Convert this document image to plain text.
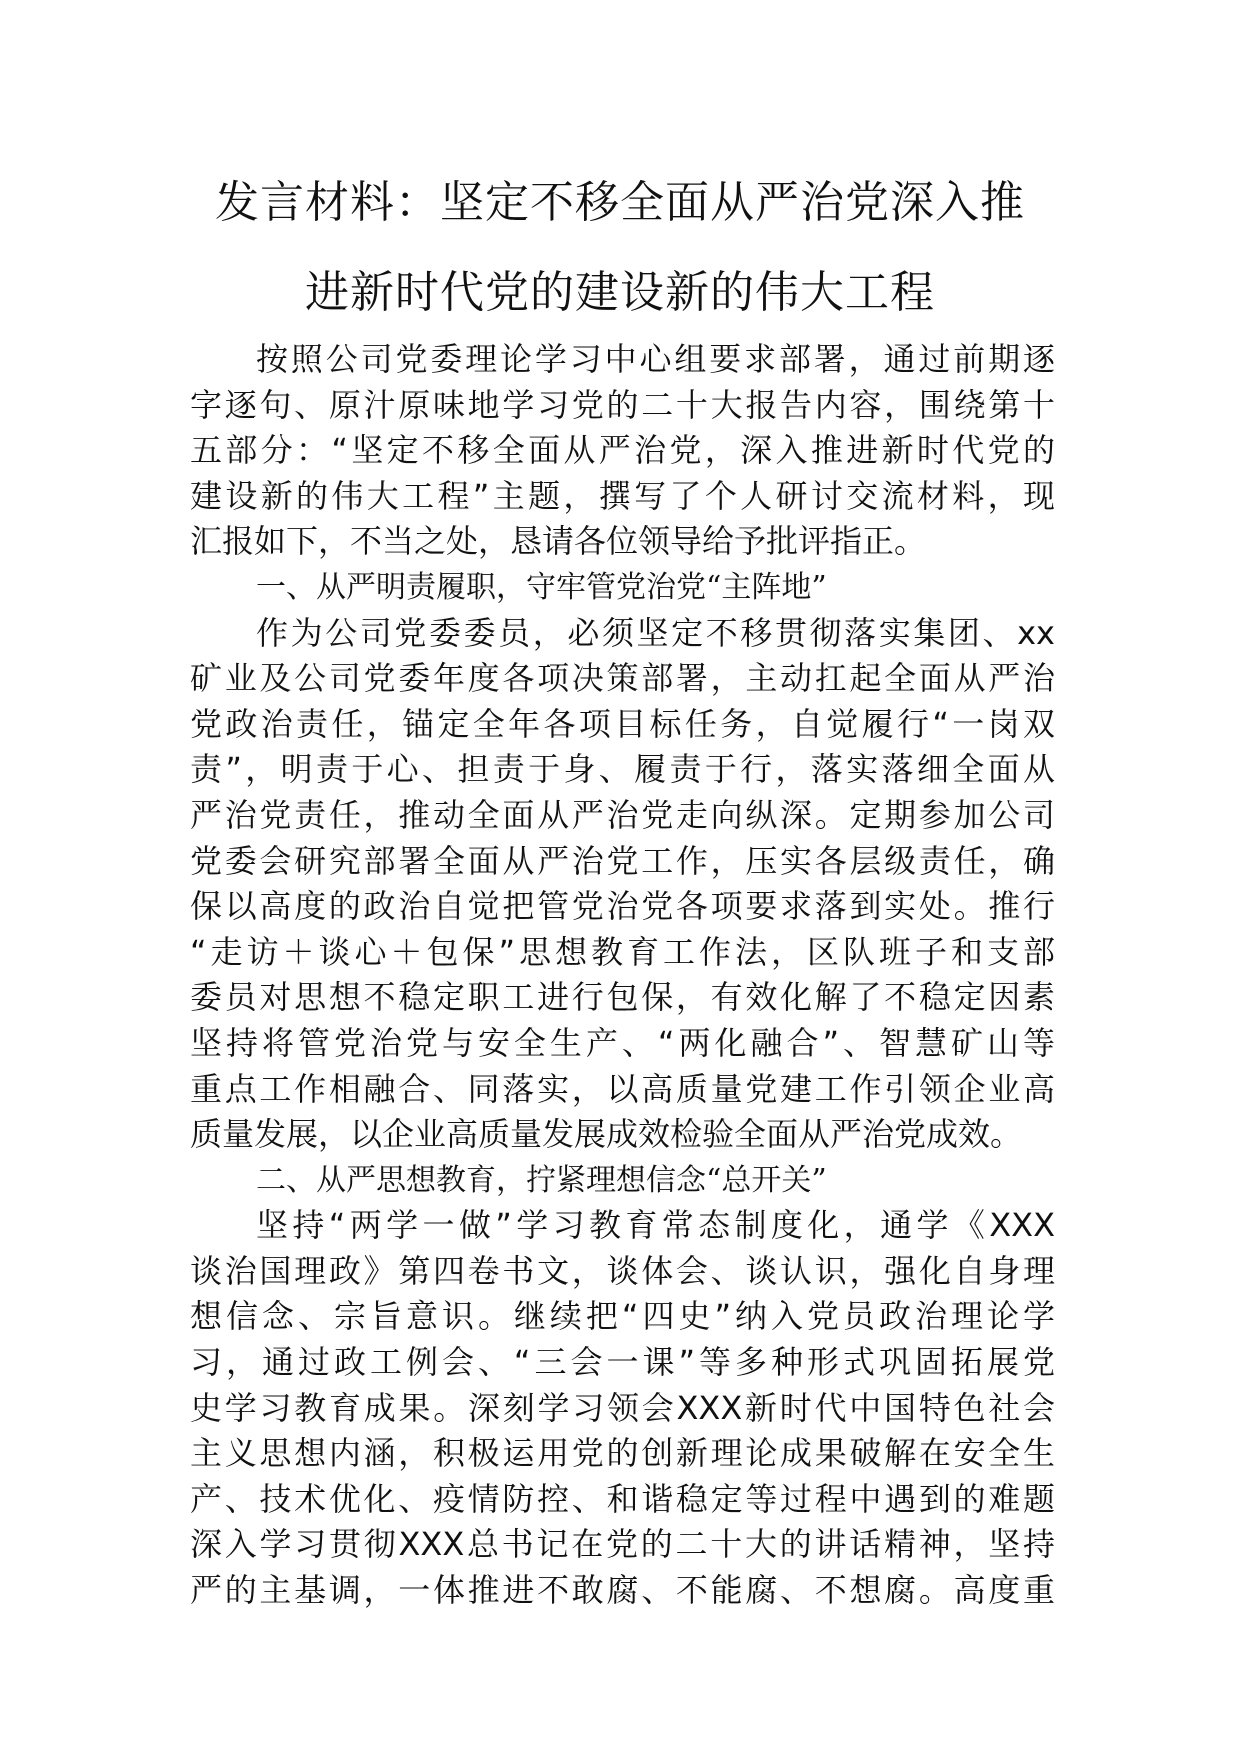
发言材料：坚定不移全面从严治党深入推
进新时代党的建设新的伟大工程
按照公司党委理论学习中心组要求部署，通过前期逐
字逐句、原汁原味地学习党的二十大报告内容，围绕第十
五部分：“坚定不移全面从严治党，深入推进新时代党的
建设新的伟大工程”主题，撰写了个人研讨交流材料，现
汇报如下，不当之处，恳请各位领导给予批评指正。
一、从严明责履职，守牢管党治党“主阵地”
作为公司党委委员，必须坚定不移贯彻落实集团、xx
矿业及公司党委年度各项决策部署，主动扛起全面从严治
党政治责任，锚定全年各项目标任务，自觉履行“一岗双
责”，明责于心、担责于身、履责于行，落实落细全面从
严治党责任，推动全面从严治党走向纵深。定期参加公司
党委会研究部署全面从严治党工作，压实各层级责任，确
保以高度的政治自觉把管党治党各项要求落到实处。推行
“走访＋谈心＋包保”思想教育工作法，区队班子和支部
委员对思想不稳定职工进行包保，有效化解了不稳定因素
坚持将管党治党与安全生产、“两化融合”、智慧矿山等
重点工作相融合、同落实，以高质量党建工作引领企业高
质量发展，以企业高质量发展成效检验全面从严治党成效。
二、从严思想教育，拧紧理想信念“总开关”
坚持“两学一做”学习教育常态制度化，通学《XXX
谈治国理政》第四卷书文，谈体会、谈认识，强化自身理
想信念、宗旨意识。继续把“四史”纳入党员政治理论学
习，通过政工例会、“三会一课”等多种形式巩固拓展党
史学习教育成果。深刻学习领会XXX新时代中国特色社会
主义思想内涵，积极运用党的创新理论成果破解在安全生
产、技术优化、疫情防控、和谐稳定等过程中遇到的难题
深入学习贯彻XXX总书记在党的二十大的讲话精神，坚持
严的主基调，一体推进不敢腐、不能腐、不想腐。高度重
